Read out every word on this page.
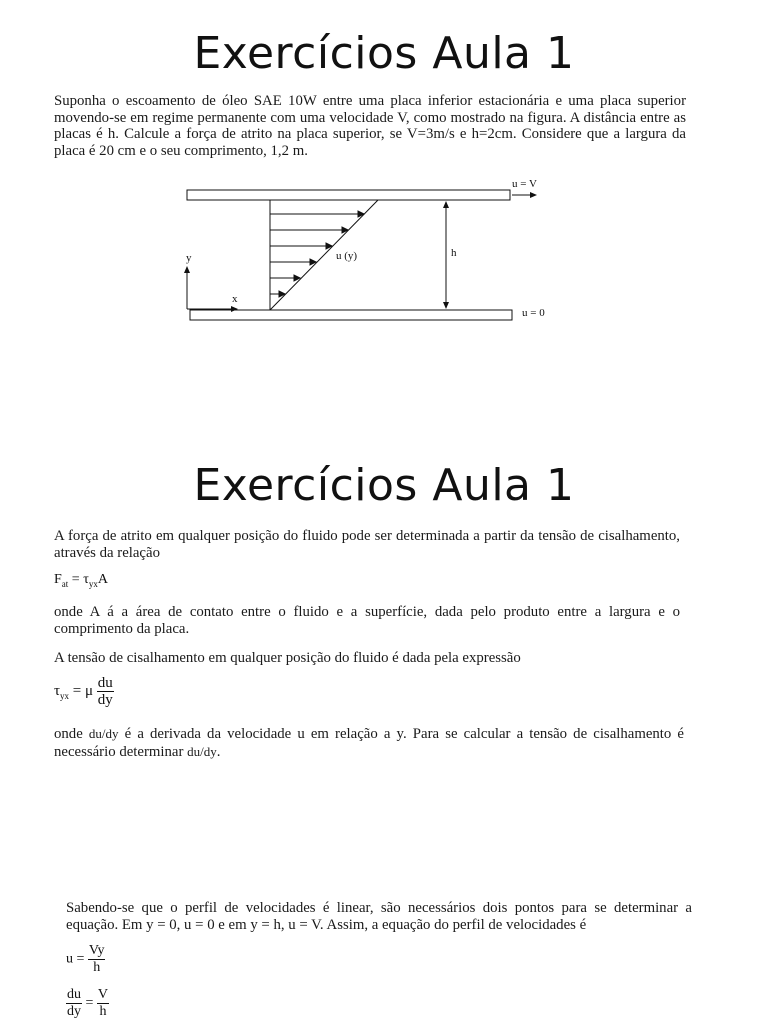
Exercícios Aula 1

Suponha o escoamento de óleo SAE 10W entre uma placa inferior estacionária e uma placa superior movendo-se em regime permanente com uma velocidade V, como mostrado na figura. A distância entre as placas é h. Calcule a força de atrito na placa superior, se V=3m/s e h=2cm. Considere que a largura da placa é 20 cm e o seu comprimento, 1,2 m.

u = V
u = 0
u (y)	h
y
x
Exercícios Aula 1

A força de atrito em qualquer posição do fluido pode ser determinada a partir da tensão de cisalhamento, através da relação

$F_{at} = \tau_{yx}A$

onde A á a área de contato entre o fluido e a superfície, dada pelo produto entre a largura e o comprimento da placa.

A tensão de cisalhamento em qualquer posição do fluido é dada pela expressão

$\tau_{yx} = \mu \frac{du}{dy}$

onde du/dy é a derivada da velocidade u em relação a y. Para se calcular a tensão de cisalhamento é necessário determinar du/dy.

Sabendo-se que o perfil de velocidades é linear, são necessários dois pontos para se determinar a equação. Em y = 0, u = 0 e em y = h, u = V. Assim, a equação do perfil de velocidades é

$u = \frac{Vy}{h}$
$\frac{du}{dy} = \frac{V}{h}$
